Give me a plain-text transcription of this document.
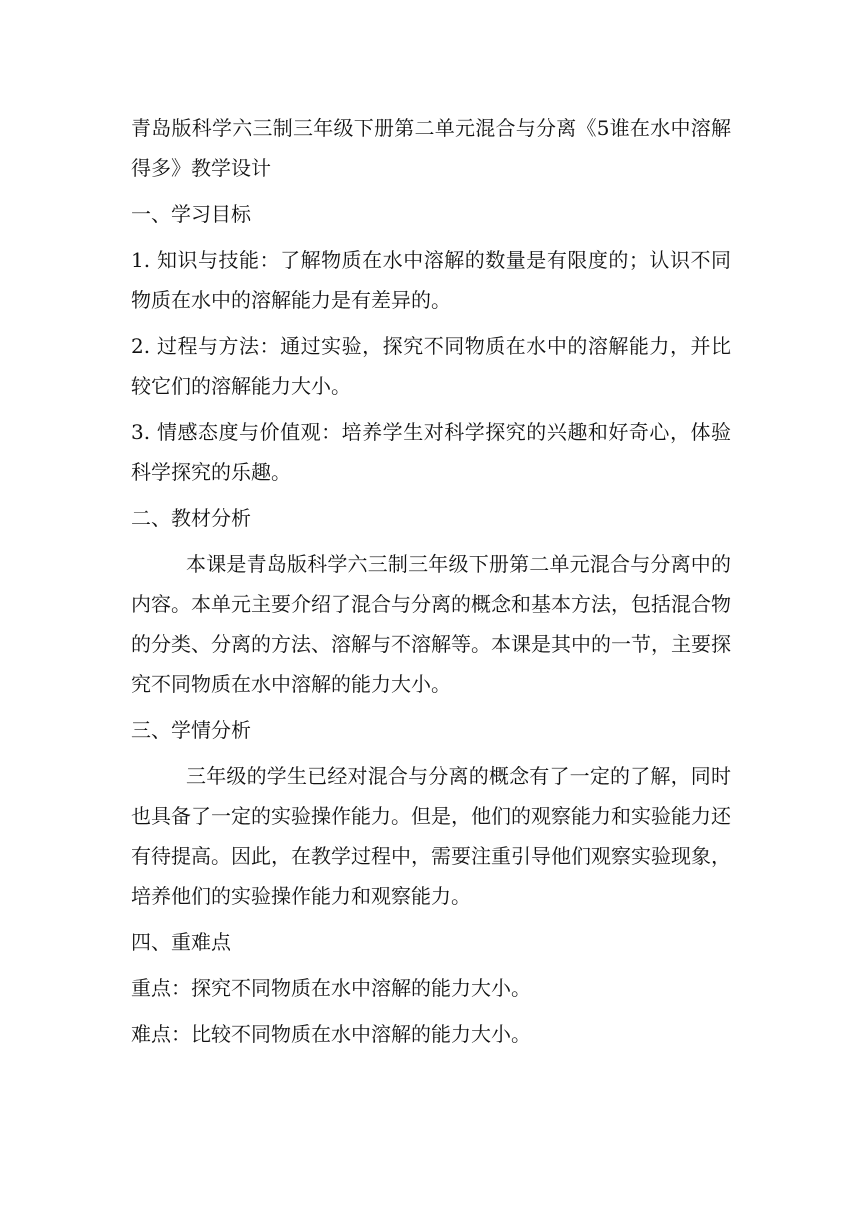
青岛版科学六三制三年级下册第二单元混合与分离《5谁在水中溶解得多》教学设计

一、学习目标

1. 知识与技能：了解物质在水中溶解的数量是有限度的；认识不同物质在水中的溶解能力是有差异的。

2. 过程与方法：通过实验，探究不同物质在水中的溶解能力，并比较它们的溶解能力大小。

3. 情感态度与价值观：培养学生对科学探究的兴趣和好奇心，体验科学探究的乐趣。

二、教材分析

本课是青岛版科学六三制三年级下册第二单元混合与分离中的内容。本单元主要介绍了混合与分离的概念和基本方法，包括混合物的分类、分离的方法、溶解与不溶解等。本课是其中的一节，主要探究不同物质在水中溶解的能力大小。

三、学情分析

三年级的学生已经对混合与分离的概念有了一定的了解，同时也具备了一定的实验操作能力。但是，他们的观察能力和实验能力还有待提高。因此，在教学过程中，需要注重引导他们观察实验现象，培养他们的实验操作能力和观察能力。

四、重难点

重点：探究不同物质在水中溶解的能力大小。

难点：比较不同物质在水中溶解的能力大小。
